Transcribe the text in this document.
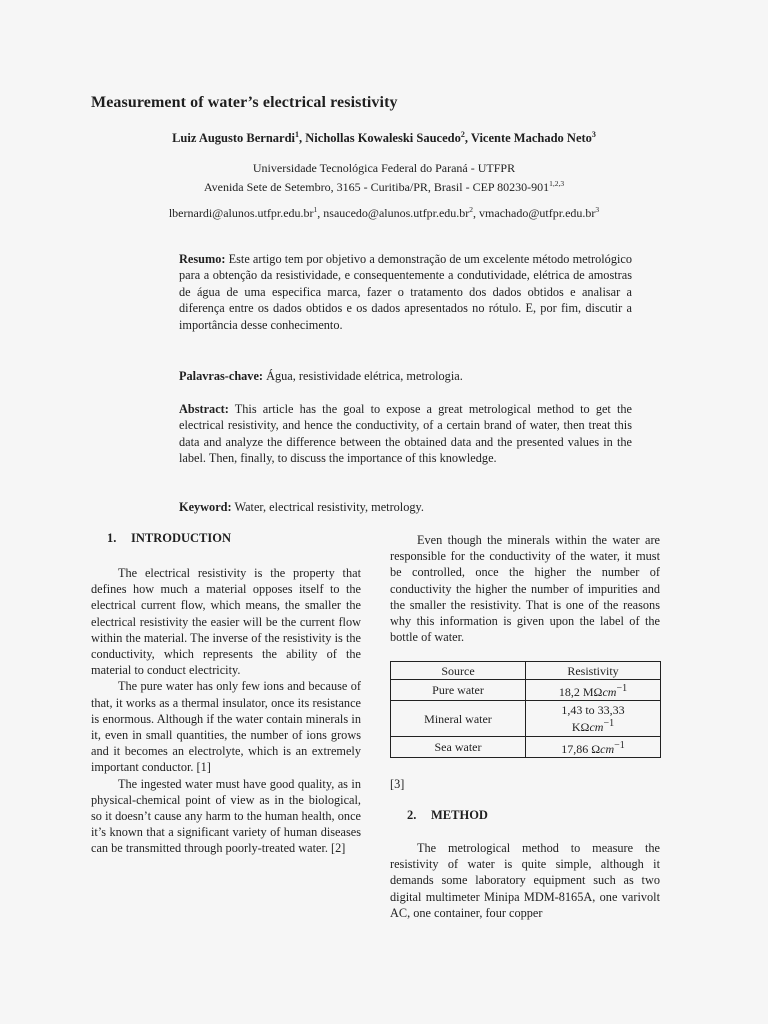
Measurement of water’s electrical resistivity
Luiz Augusto Bernardi$^1$, Nichollas Kowaleski Saucedo$^2$, Vicente Machado Neto$^3$
Universidade Tecnológica Federal do Paraná - UTFPR
Avenida Sete de Setembro, 3165 - Curitiba/PR, Brasil - CEP 80230-901$^{1,2,3}$
$lbernardi@alunos.utfpr.edu.br^1$, $nsaucedo@alunos.utfpr.edu.br^2$, $vmachado@utfpr.edu.br^3$

Resumo: Este artigo tem por objetivo a demonstração de um excelente método metrológico para a obtenção da resistividade, e consequentemente a condutividade, elétrica de amostras de água de uma especifica marca, fazer o tratamento dos dados obtidos e analisar a diferença entre os dados obtidos e os dados apresentados no rótulo. E, por fim, discutir a importância desse conhecimento.

Palavras-chave: Água, resistividade elétrica, metrologia.

Abstract: This article has the goal to expose a great metrological method to get the electrical resistivity, and hence the conductivity, of a certain brand of water, then treat this data and analyze the difference between the obtained data and the presented values in the label. Then, finally, to discuss the importance of this knowledge.

Keyword: Water, electrical resistivity, metrology.

1. INTRODUCTION

The electrical resistivity is the property that defines how much a material opposes itself to the electrical current flow, which means, the smaller the electrical resistivity the easier will be the current flow within the material. The inverse of the resistivity is the conductivity, which represents the ability of the material to conduct electricity.

The pure water has only few ions and because of that, it works as a thermal insulator, once its resistance is enormous. Although if the water contain minerals in it, even in small quantities, the number of ions grows and it becomes an electrolyte, which is an extremely important conductor. [1]

The ingested water must have good quality, as in physical-chemical point of view as in the biological, so it doesn’t cause any harm to the human health, once it’s known that a significant variety of human diseases can be transmitted through poorly-treated water. [2]

Even though the minerals within the water are responsible for the conductivity of the water, it must be controlled, once the higher the number of conductivity the higher the number of impurities and the smaller the resistivity. That is one of the reasons why this information is given upon the label of the bottle of water.

Source	Resistivity
Pure water	18,2 MΩcm$^{-1}$
Mineral water	1,43 to 33,33
KΩcm$^{-1}$

Sea water	17,86 Ωcm$^{-1}$
[3]
2. METHOD

The metrological method to measure the resistivity of water is quite simple, although it demands some laboratory equipment such as two digital multimeter Minipa MDM-8165A, one varivolt AC, one container, four copper
